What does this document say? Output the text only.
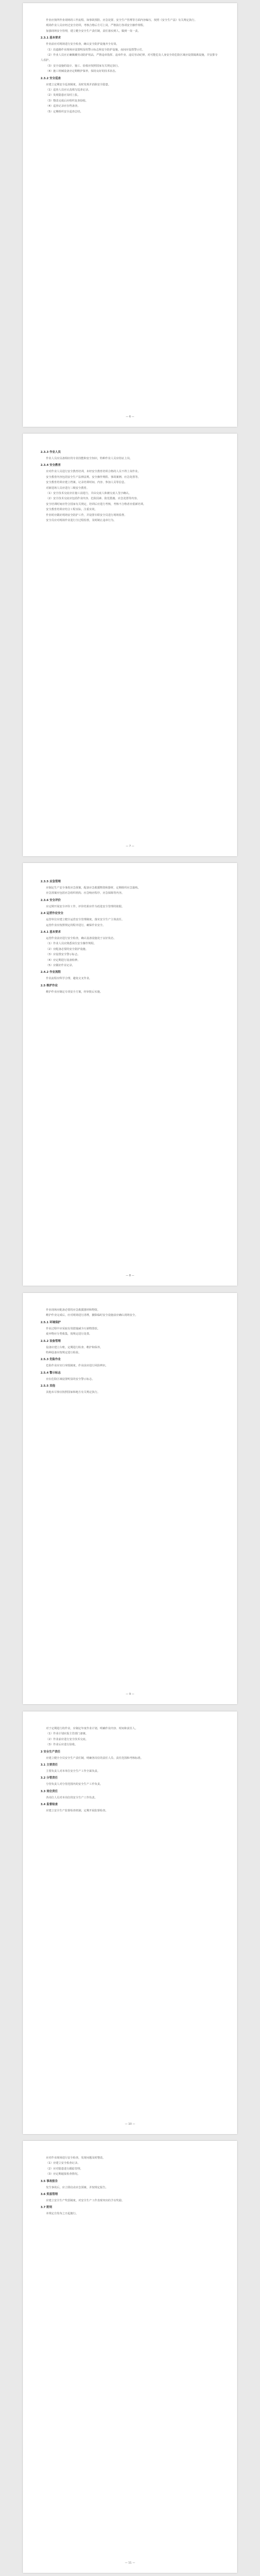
作业应按所作业现场的工作流程，如事故预防、应急处置、安全生产管理等方面内容编写，按照《安全生产法》有关规定执行。
现场作业人员应经过安全培训，考核合格后方可上岗，严格执行各项安全操作规程。
加强现场安全管理，建立健全安全生产责任制，责任落实到人，做到一岗一责。
2.3.1 基本要求
作业前应对现场进行安全检查，确认安全防护设施齐全有效。
（1）沿道路作业现场应设置明显的警示标志和安全防护设施，夜间应设置警示灯。
（2）作业人员应正确佩戴劳动防护用品，严禁违章指挥、违章作业、违反劳动纪律。对可能危及人身安全的危险区域应设置隔离设施，并安排专人看护。
（3）安全设施的设计、施工、验收应按照国家有关规定执行。
（4）施工机械设备应定期维护保养，保持良好的技术状态。
2.3.2 安全巡查
应建立定期安全巡查制度，及时发现并消除安全隐患。
（1）巡查人员应认真填写巡查记录。
（2）发现隐患应及时上报。
（3）整改完成后应组织复查验收。
（4）巡查记录应存档备查。
（5）定期组织安全巡查总结。
— 6 —
2.3.3 作业人员
作业人员应具备相应的专业技能和安全知识，特种作业人员应持证上岗。
2.3.4 安全教育
应对作业人员进行安全教育培训，未经安全教育培训合格的人员不得上岗作业。
安全教育内容包括安全生产法律法规、安全操作规程、事故案例、应急处置等。
安全教育培训应建立档案，记录培训时间、内容、参加人员等信息。
对新进场人员应进行三级安全教育。
（1）安全技术交底应在施工前进行，并由交底人和被交底人签字确认。
（2）安全技术交底应包括作业内容、危险因素、防范措施、应急处置等内容。
安全培训时间应符合国家有关规定，培训后应进行考核，考核不合格者应重新培训。
安全教育培训应结合工程实际，注重实效。
作业时应做好现场安全防护工作，并设置专职安全员进行现场监督。
安全员应对现场作业进行全过程监督，及时制止违章行为。
— 7 —
2.3.5 应急管理
应制定生产安全事故应急预案，配备应急救援物资和器材，定期组织应急演练。
应急预案应包括应急组织机构、应急响应程序、应急保障等内容。
2.3.6 安全评价
应定期开展安全评价工作，评价结果应作为改进安全管理的依据。
2.4 运营作业安全
运营单位应建立健全运营安全管理制度，落实安全生产主体责任。
运营作业应按照规定的程序进行，确保作业安全。
2.4.1 基本要求
运营作业前应进行安全检查，确认设备设施处于良好状态。
（1）作业人员应熟悉岗位安全操作规程。
（2）应配备必要的安全防护设施。
（3）应设置安全警示标志。
（4）应定期进行设备检修。
（5）应做好作业记录。
2.4.2 作业流程
作业流程应科学合理，避免交叉作业。
2.5 维护作业
维护作业应制定专项安全方案，经审批后实施。
— 8 —
作业现场应配备必要的应急救援器材和物资。
维护作业完成后，应对现场进行清理，撤除临时安全设施前应确认现场安全。
2.5.1 环境保护
作业过程中应采取有效措施减少污染物排放。
废弃物应分类收集，按规定进行处置。
2.5.2 设备管理
设备应建立台账，定期进行检查、维护和保养。
特种设备应按规定进行检验。
2.5.3 危险作业
危险作业应实行审批制度，作业前应进行风险辨识。
2.5.4 警示标志
应在危险区域设置明显的安全警示标志。
2.5.5 其他
其他未尽事宜按照国家和地方有关规定执行。
— 9 —
对于定期进行的作业，应制定年度作业计划，明确作业内容、时间和责任人。
（1）作业计划应报主管部门备案。
（2）作业前应进行安全技术交底。
（3）作业后应进行验收。
3 安全生产责任
应建立健全全员安全生产责任制，明确各岗位的责任人员、责任范围和考核标准。
3.1 主要责任
主要负责人对本单位安全生产工作全面负责。
3.2 分管责任
分管负责人对分管范围内的安全生产工作负责。
3.3 岗位责任
各岗位人员对本岗位的安全生产工作负责。
3.4 监督检查
应建立安全生产监督检查机制，定期开展监督检查。
— 10 —
应对作业现场进行安全检查，发现问题及时整改。
（1）应建立安全检查记录。
（2）应对隐患进行跟踪管理。
（3）应定期通报检查情况。
3.5 事故报告
发生事故后，应立即启动应急预案，并按规定报告。
3.6 奖惩管理
应建立安全生产奖惩制度，对安全生产工作表现突出的予以奖励。
3.7 附则
本规定自发布之日起施行。
— 11 —
